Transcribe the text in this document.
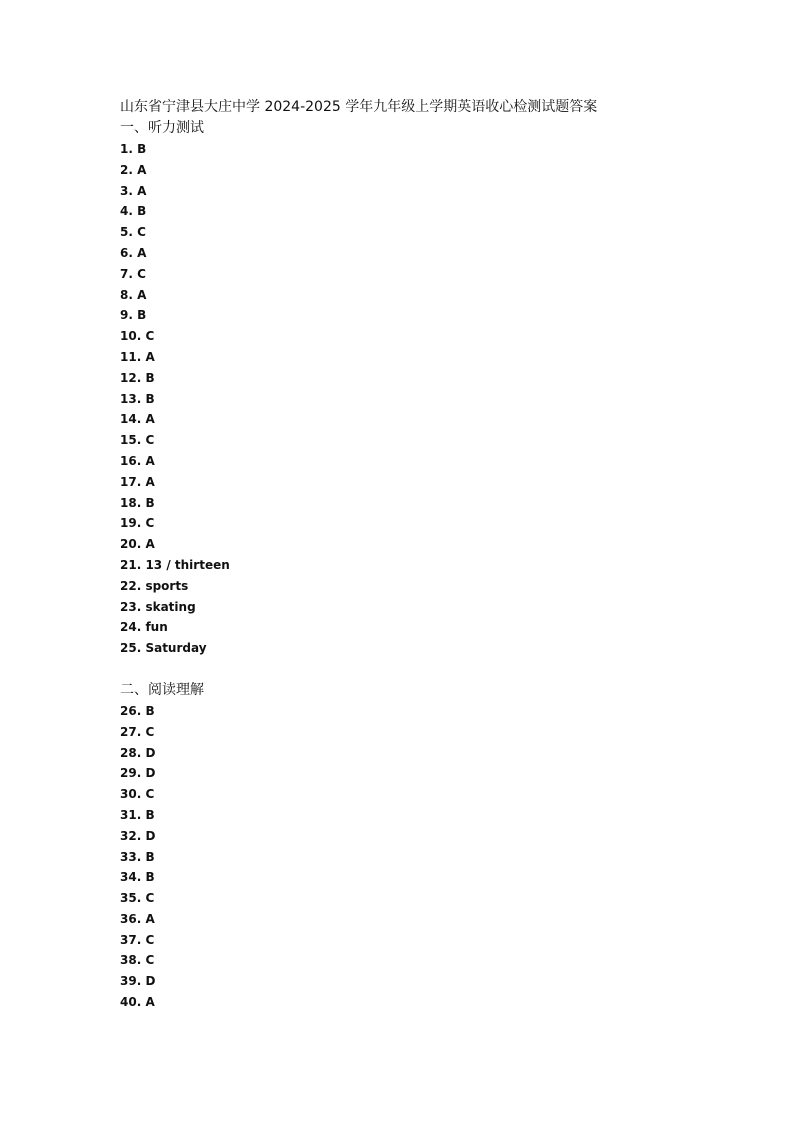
山东省宁津县大庄中学 2024-2025 学年九年级上学期英语收心检测试题答案
一、听力测试
1. B
2. A
3. A
4. B
5. C
6. A
7. C
8. A
9. B
10. C
11. A
12. B
13. B
14. A
15. C
16. A
17. A
18. B
19. C
20. A
21. 13 / thirteen
22. sports
23. skating
24. fun
25. Saturday
二、阅读理解
26. B
27. C
28. D
29. D
30. C
31. B
32. D
33. B
34. B
35. C
36. A
37. C
38. C
39. D
40. A
